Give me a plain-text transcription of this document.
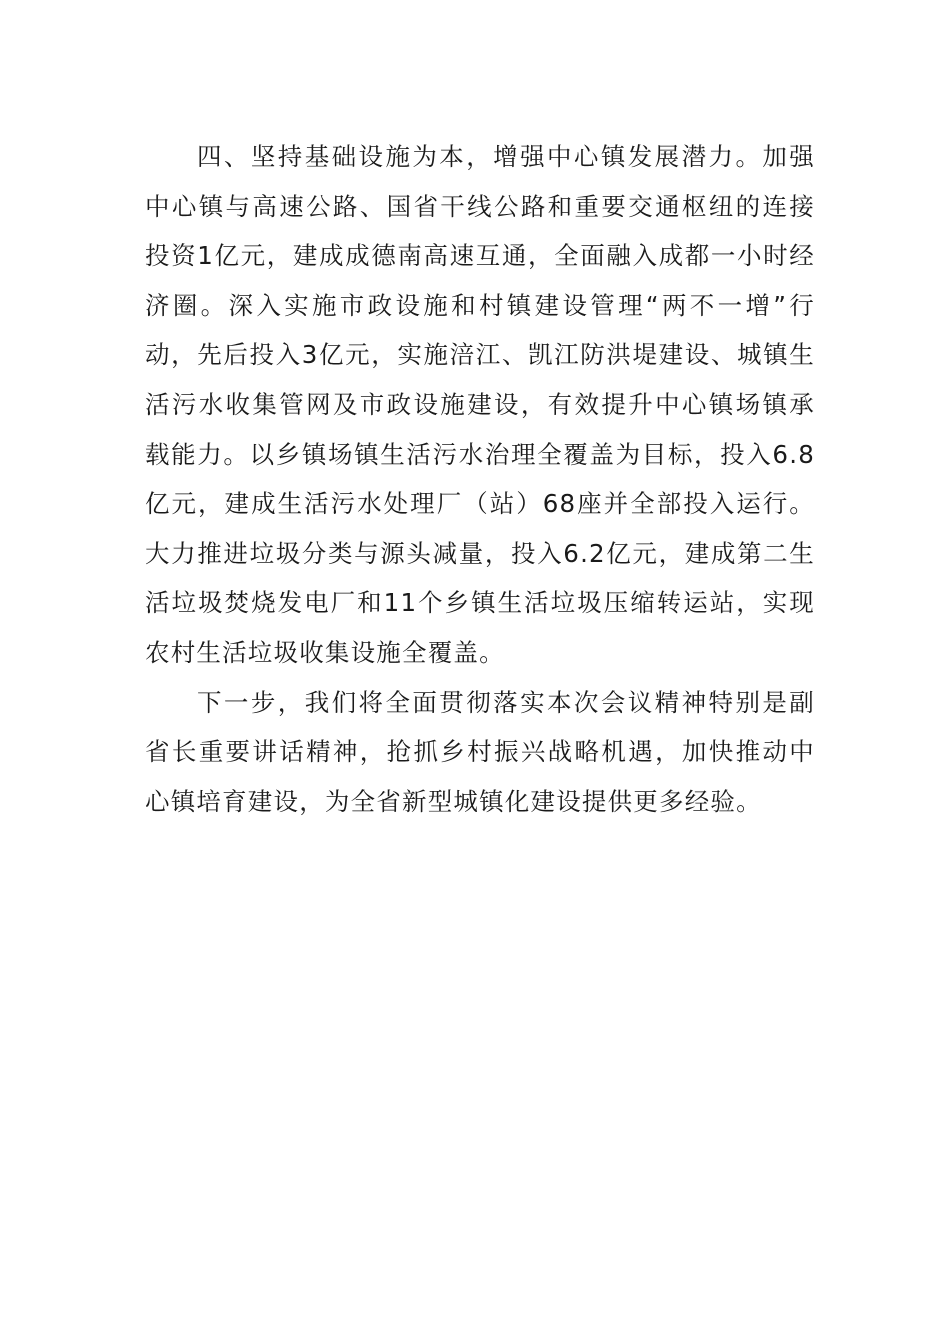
四、坚持基础设施为本，增强中心镇发展潜力。加强
中心镇与高速公路、国省干线公路和重要交通枢纽的连接
投资1亿元，建成成德南高速互通，全面融入成都一小时经
济圈。深入实施市政设施和村镇建设管理“两不一增”行
动，先后投入3亿元，实施涪江、凯江防洪堤建设、城镇生
活污水收集管网及市政设施建设，有效提升中心镇场镇承
载能力。以乡镇场镇生活污水治理全覆盖为目标，投入6.8
亿元，建成生活污水处理厂（站）68座并全部投入运行。
大力推进垃圾分类与源头减量，投入6.2亿元，建成第二生
活垃圾焚烧发电厂和11个乡镇生活垃圾压缩转运站，实现
农村生活垃圾收集设施全覆盖。

下一步，我们将全面贯彻落实本次会议精神特别是副
省长重要讲话精神，抢抓乡村振兴战略机遇，加快推动中
心镇培育建设，为全省新型城镇化建设提供更多经验。
